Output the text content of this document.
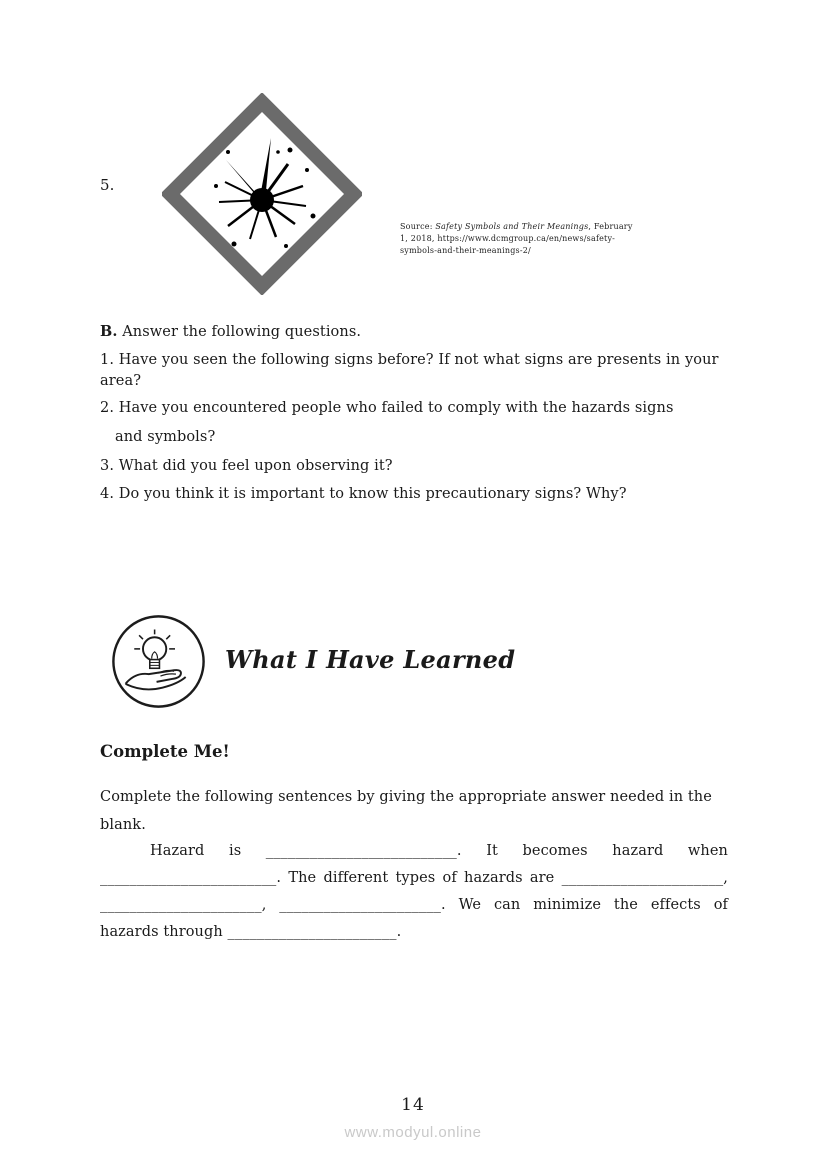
5.
Source: Safety Symbols and Their Meanings, February 1, 2018, https://www.dcmgroup.ca/en/news/safety-symbols-and-their-meanings-2/
B. Answer the following questions.
1. Have you seen the following signs before? If not what signs are presents in your area?
2. Have you encountered people who failed to comply with the hazards signs
and symbols?
3. What did you feel upon observing it?
4. Do you think it is important to know this precautionary signs? Why?
What I Have Learned
Complete Me!
Complete the following sentences by giving the appropriate answer needed in the blank.
Hazard is __________________________. It becomes hazard when ________________________. The different types of hazards are ______________________, ______________________, ______________________. We can minimize the effects of hazards through _______________________.
14
www.modyul.online
